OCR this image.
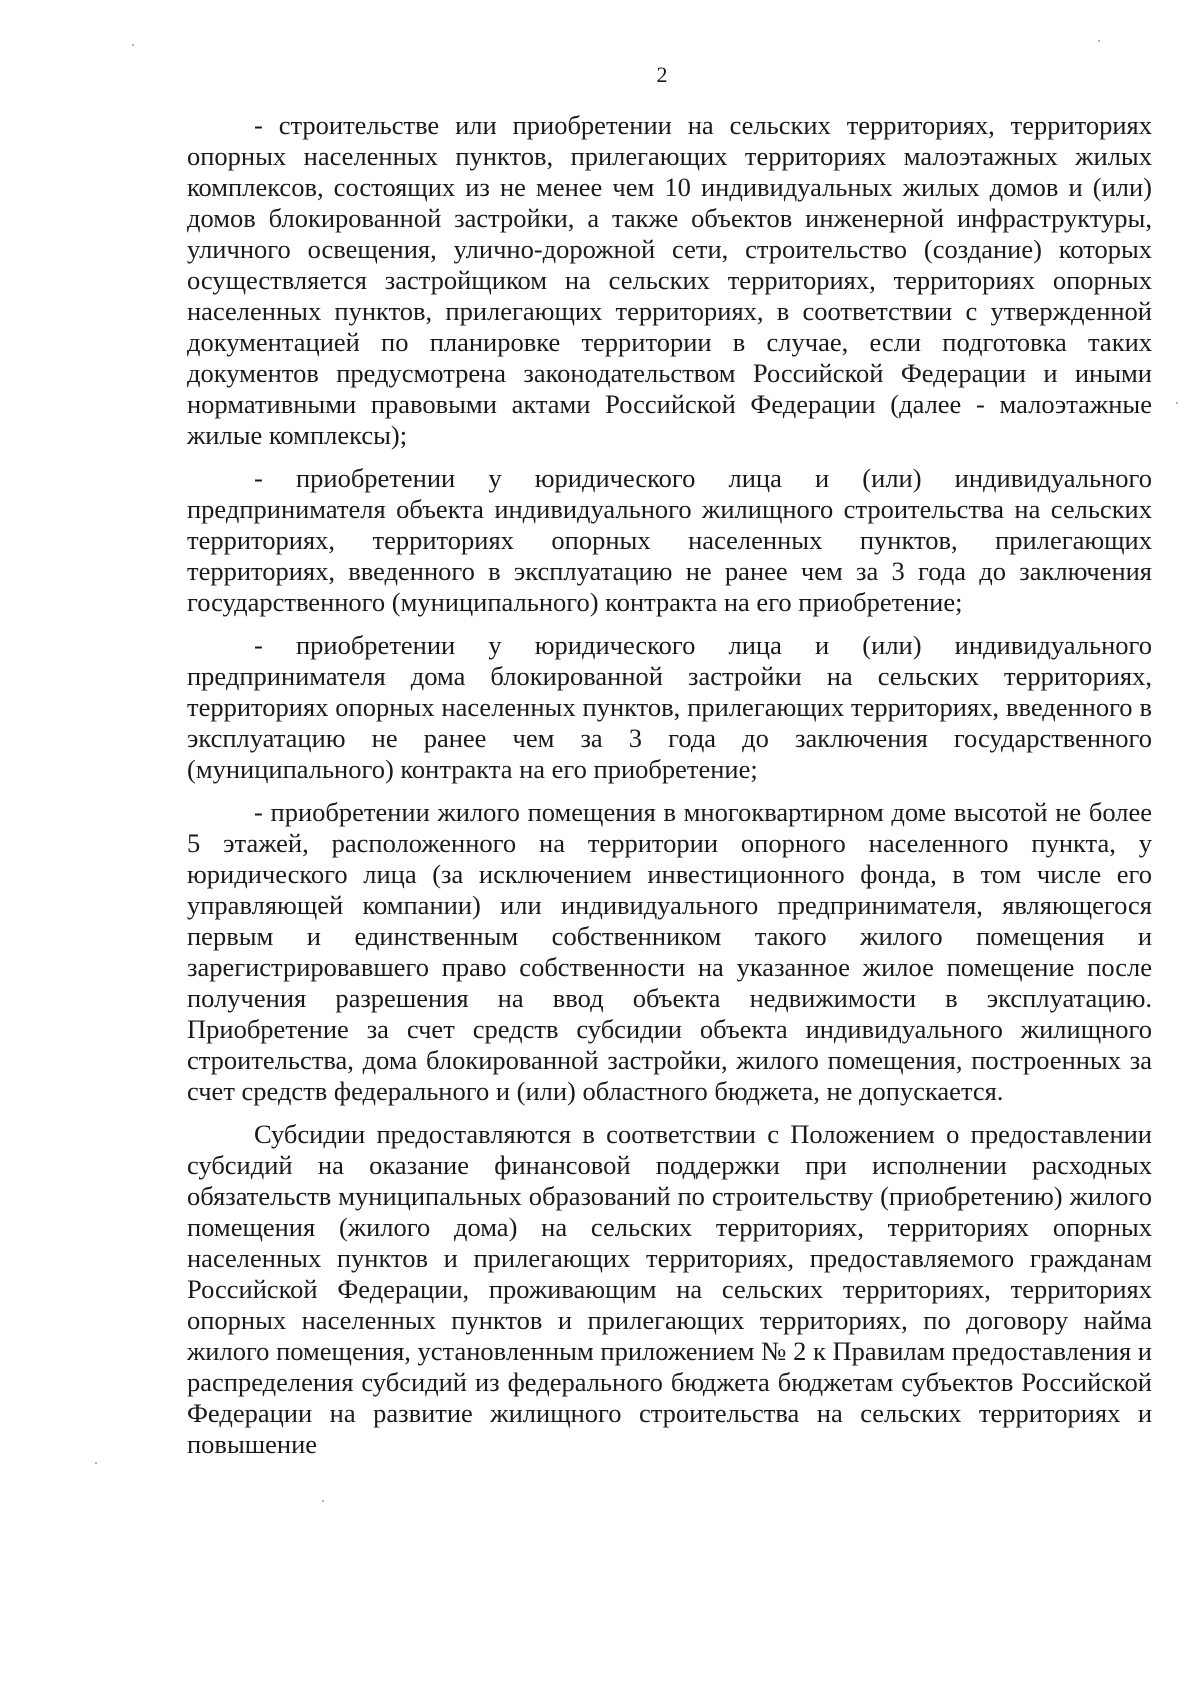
2

- строительстве или приобретении на сельских территориях, территориях опорных населенных пунктов, прилегающих территориях малоэтажных жилых комплексов, состоящих из не менее чем 10 индивидуальных жилых домов и (или) домов блокированной застройки, а также объектов инженерной инфраструктуры, уличного освещения, улично-дорожной сети, строительство (создание) которых осуществляется застройщиком на сельских территориях, территориях опорных населенных пунктов, прилегающих территориях, в соответствии с утвержденной документацией по планировке территории в случае, если подготовка таких документов предусмотрена законодательством Российской Федерации и иными нормативными правовыми актами Российской Федерации (далее - малоэтажные жилые комплексы);

- приобретении у юридического лица и (или) индивидуального предпринимателя объекта индивидуального жилищного строительства на сельских территориях, территориях опорных населенных пунктов, прилегающих территориях, введенного в эксплуатацию не ранее чем за 3 года до заключения государственного (муниципального) контракта на его приобретение;

- приобретении у юридического лица и (или) индивидуального предпринимателя дома блокированной застройки на сельских территориях, территориях опорных населенных пунктов, прилегающих территориях, введенного в эксплуатацию не ранее чем за 3 года до заключения государственного (муниципального) контракта на его приобретение;

- приобретении жилого помещения в многоквартирном доме высотой не более 5 этажей, расположенного на территории опорного населенного пункта, у юридического лица (за исключением инвестиционного фонда, в том числе его управляющей компании) или индивидуального предпринимателя, являющегося первым и единственным собственником такого жилого помещения и зарегистрировавшего право собственности на указанное жилое помещение после получения разрешения на ввод объекта недвижимости в эксплуатацию. Приобретение за счет средств субсидии объекта индивидуального жилищного строительства, дома блокированной застройки, жилого помещения, построенных за счет средств федерального и (или) областного бюджета, не допускается.

Субсидии предоставляются в соответствии с Положением о предоставлении субсидий на оказание финансовой поддержки при исполнении расходных обязательств муниципальных образований по строительству (приобретению) жилого помещения (жилого дома) на сельских территориях, территориях опорных населенных пунктов и прилегающих территориях, предоставляемого гражданам Российской Федерации, проживающим на сельских территориях, территориях опорных населенных пунктов и прилегающих территориях, по договору найма жилого помещения, установленным приложением № 2 к Правилам предоставления и распределения субсидий из федерального бюджета бюджетам субъектов Российской Федерации на развитие жилищного строительства на сельских территориях и повышение
